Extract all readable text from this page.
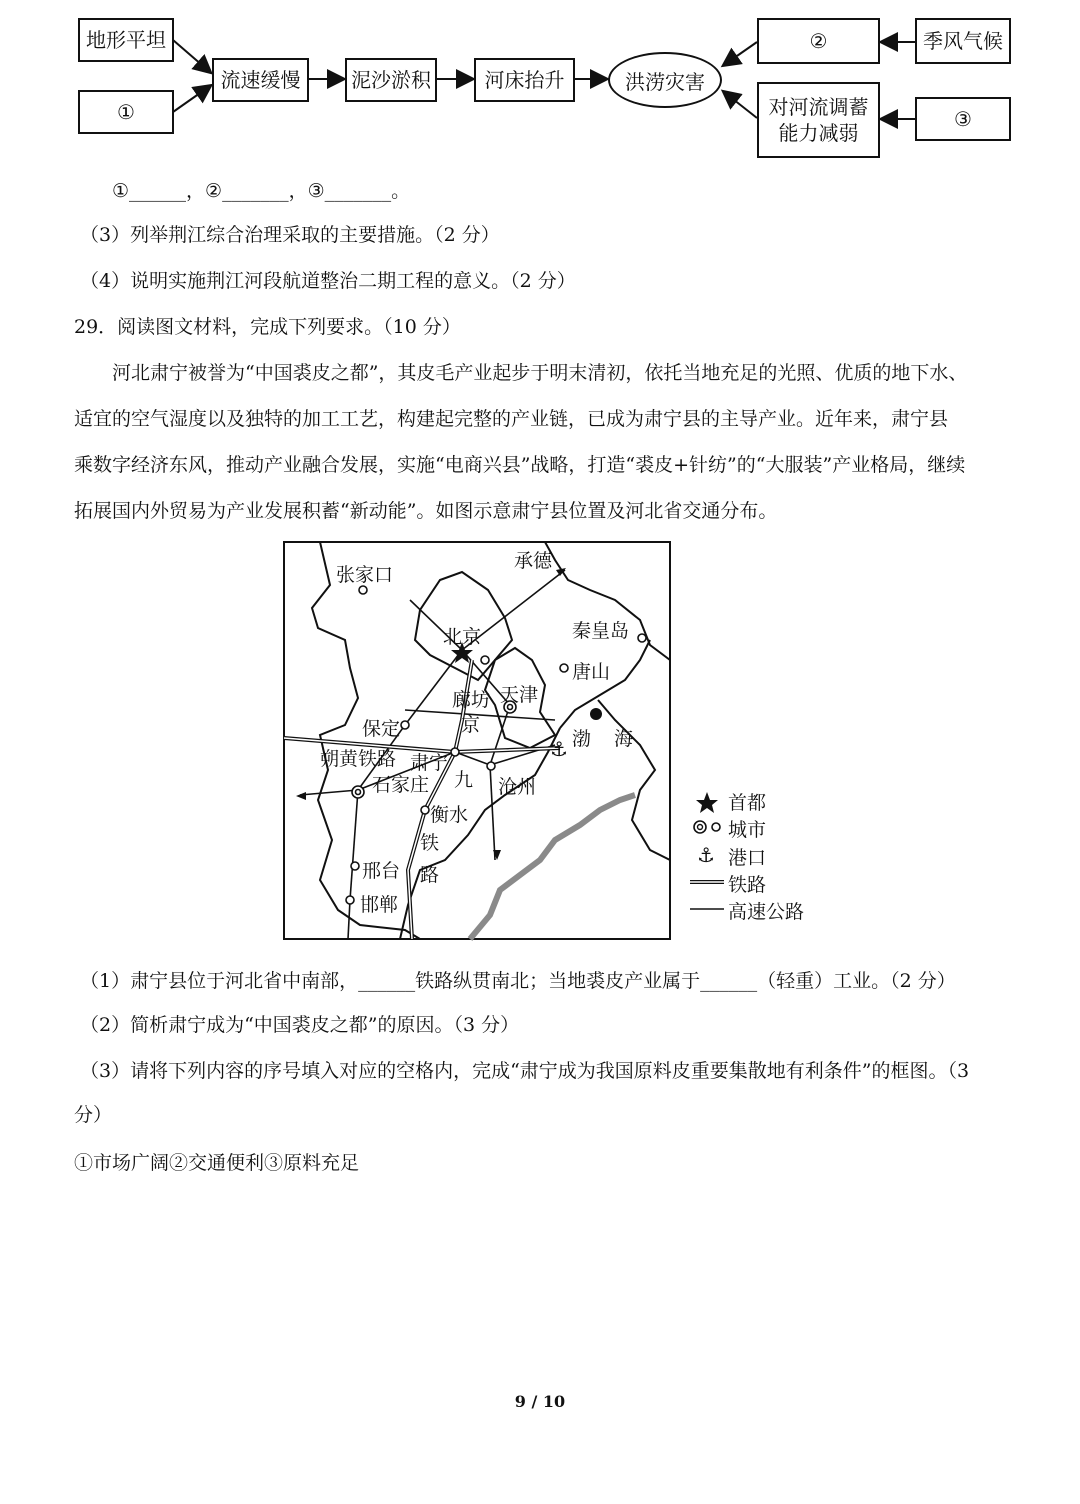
地形平坦
①
流速缓慢	泥沙淤积	河床抬升	洪涝灾害
②	季风气候
对河流调蓄能力减弱
③
①______，②_______，③_______。
（3）列举荆江综合治理采取的主要措施。（2 分）
（4）说明实施荆江河段航道整治二期工程的意义。（2 分）
29．阅读图文材料，完成下列要求。（10 分）
河北肃宁被誉为“中国裘皮之都”，其皮毛产业起步于明末清初，依托当地充足的光照、优质的地下水、
适宜的空气湿度以及独特的加工工艺，构建起完整的产业链，已成为肃宁县的主导产业。近年来，肃宁县
乘数字经济东风，推动产业融合发展，实施“电商兴县”战略，打造“裘皮+针纺”的“大服装”产业格局，继续
拓展国内外贸易为产业发展积蓄“新动能”。如图示意肃宁县位置及河北省交通分布。
⚓
张家口
承德
北京	秦皇岛
唐山
廊坊 天津
京
保定
朔黄铁路 肃宁
九
石家庄	沧州
渤 海
衡水
铁
邢台 路
邯郸
⚓
首都
城市
港口
铁路
高速公路
（1）肃宁县位于河北省中南部，______铁路纵贯南北；当地裘皮产业属于______（轻重）工业。（2 分）
（2）简析肃宁成为“中国裘皮之都”的原因。（3 分）
（3）请将下列内容的序号填入对应的空格内，完成“肃宁成为我国原料皮重要集散地有利条件”的框图。（3
分）
①市场广阔②交通便利③原料充足
9 / 10
